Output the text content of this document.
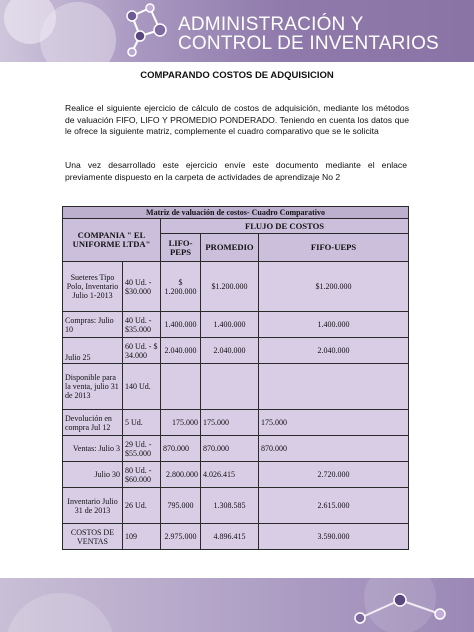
ADMINISTRACIÓN Y
CONTROL DE INVENTARIOS
COMPARANDO COSTOS DE ADQUISICION
Realice el siguiente ejercicio de cálculo de costos de adquisición, mediante los métodos de valuación FIFO, LIFO Y PROMEDIO PONDERADO. Teniendo en cuenta los datos que le ofrece la siguiente matriz, complemente el cuadro comparativo que se le solicita
Una vez desarrollado este ejercicio envíe este documento mediante el enlace previamente dispuesto en la carpeta de actividades de aprendizaje No 2
Matriz de valuación de costos- Cuadro Comparativo				
COMPANIA " EL UNIFORME LTDA"		FLUJO DE COSTOS		
		LIFO-PEPS	PROMEDIO	FIFO-UEPS
Sueteres Tipo Polo, Inventario Julio 1-2013	40 Ud. - $30.000	$ 1.200.000	$1.200.000	$1.200.000
Compras: Julio 10	40 Ud. - $35.000	1.400.000	1.400.000	1.400.000
Julio 25	60 Ud. - $ 34.000	2.040.000	2.040.000	2.040.000
Disponible para la venta, julio 31 de 2013	140 Ud.			
Devolución en compra Jul 12	5 Ud.	175.000	175.000	175.000
Ventas: Julio 3	29 Ud. - $55.000	870.000	870.000	870.000
Julio 30	80 Ud. - $60.000	2.800.000	4.026.415	2.720.000
Inventario Julio 31 de 2013	26 Ud.	795.000	1.308.585	2.615.000
COSTOS DE VENTAS	109	2.975.000	4.896.415	3.590.000
